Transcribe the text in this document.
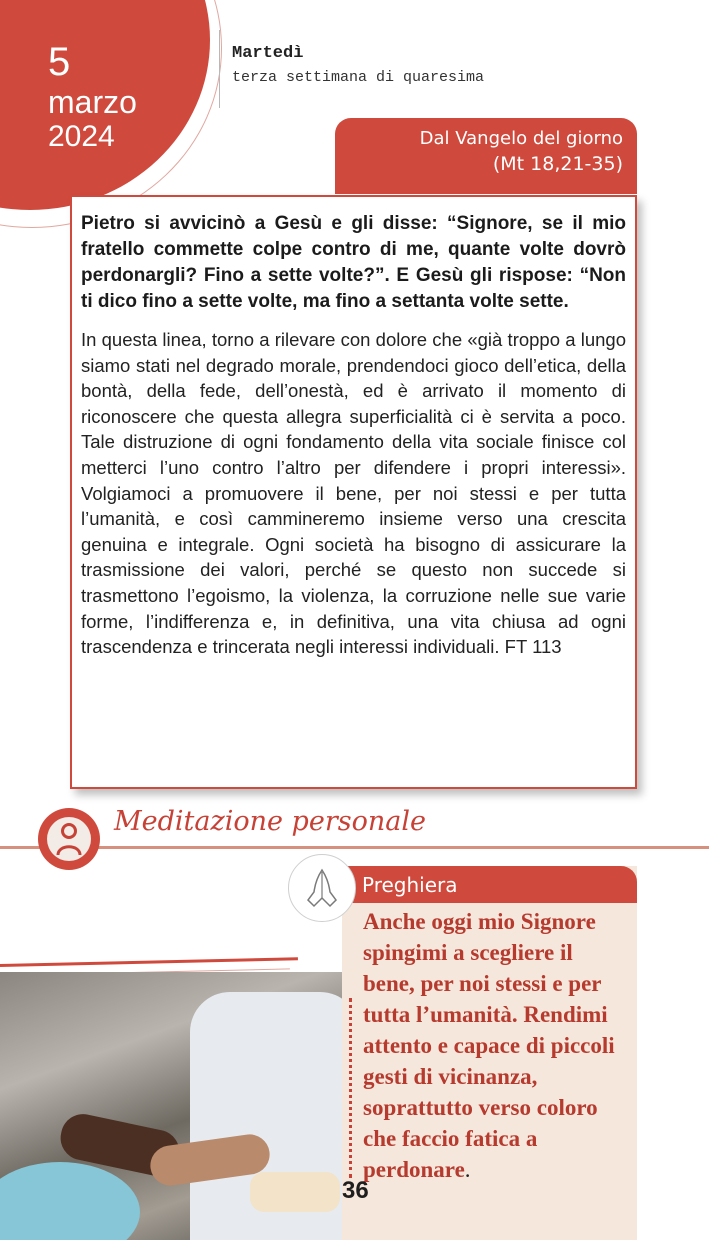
5
marzo
2024
Martedì
terza settimana di quaresima
Dal Vangelo del giorno
(Mt 18,21-35)

Pietro si avvicinò a Gesù e gli disse: “Signore, se il mio fratello commette colpe contro di me, quante volte dovrò perdonargli? Fino a sette volte?”. E Gesù gli rispose: “Non ti dico fino a sette volte, ma fino a settanta volte sette.

In questa linea, torno a rilevare con dolore che «già troppo a lungo siamo stati nel degrado morale, prendendoci gioco dell’etica, della bontà, della fede, dell’onestà, ed è arrivato il momento di riconoscere che questa allegra superficialità ci è servita a poco. Tale distruzione di ogni fondamento della vita sociale finisce col metterci l’uno contro l’altro per difendere i propri interessi». Volgiamoci a promuovere il bene, per noi stessi e per tutta l’umanità, e così cammineremo insieme verso una crescita genuina e integrale. Ogni società ha bisogno di assicurare la trasmissione dei valori, perché se questo non succede si trasmettono l’egoismo, la violenza, la corruzione nelle sue varie forme, l’indifferenza e, in definitiva, una vita chiusa ad ogni trascendenza e trincerata negli interessi individuali. FT 113

Meditazione personale
Preghiera
Anche oggi mio Signore spingimi a scegliere il bene, per noi stessi e per tutta l’umanità. Rendimi attento e capace di piccoli gesti di vicinanza, soprattutto verso coloro che faccio fatica a perdonare.
36
